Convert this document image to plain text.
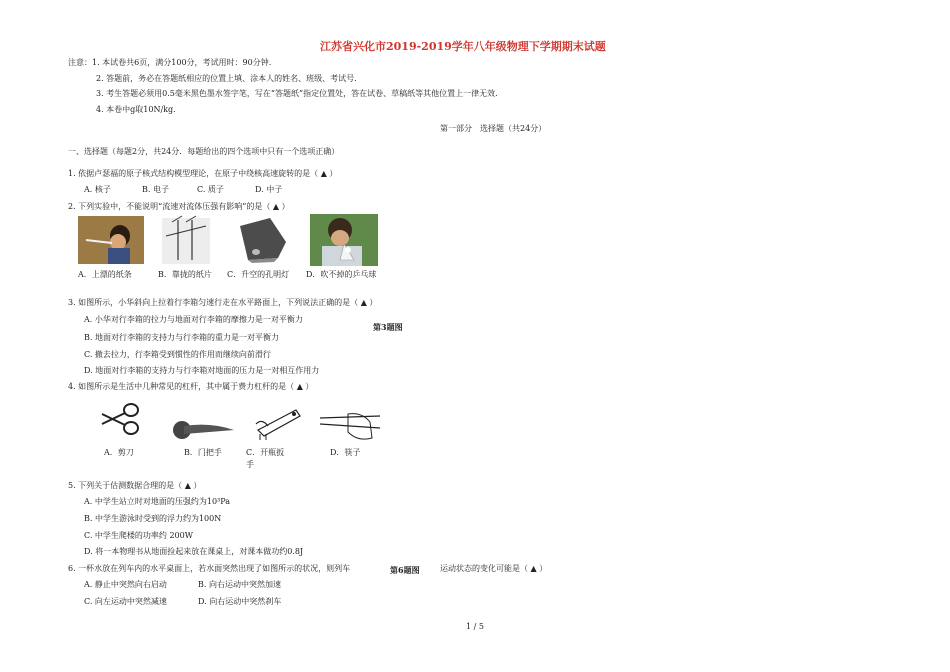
江苏省兴化市2019-2019学年八年级物理下学期期末试题
注意：1. 本试卷共6页，满分100分，考试用时：90分钟.
2. 答题前，务必在答题纸相应的位置上填、涂本人的姓名、班级、考试号.
3. 考生答题必须用0.5毫米黑色墨水签字笔，写在“答题纸”指定位置处，答在试卷、草稿纸等其他位置上一律无效.
4. 本卷中g取10N/kg.
第一部分　选择题（共24分）
一、选择题（每题2分，共24分．每题给出的四个选项中只有一个选项正确）
1. 依据卢瑟福的原子核式结构模型理论，在原子中绕核高速旋转的是（ ▲ ）
A. 核子	B. 电子	C. 质子	D. 中子
2. 下列实验中，不能说明“流速对流体压强有影响”的是（ ▲ ）
A．上漂的纸条	B．靠拢的纸片 C．升空的孔明灯 D．吹不掉的乒乓球
3. 如图所示，小华斜向上拉着行李箱匀速行走在水平路面上，下列说法正确的是（ ▲ ）
A. 小华对行李箱的拉力与地面对行李箱的摩擦力是一对平衡力
第3题图
B. 地面对行李箱的支持力与行李箱的重力是一对平衡力
C. 撤去拉力，行李箱受到惯性的作用而继续向前滑行
D. 地面对行李箱的支持力与行李箱对地面的压力是一对相互作用力
4. 如图所示是生活中几种常见的杠杆，其中属于费力杠杆的是（ ▲ ）
A．剪刀	B．门把手	C．开瓶扳
手
D．筷子
5. 下列关于估测数据合理的是（ ▲ ）
A. 中学生站立时对地面的压强约为10³Pa
B. 中学生游泳时受到的浮力约为100N
C. 中学生爬楼的功率约 200W
D. 将一本物理书从地面捡起来放在课桌上，对课本做功约0.8J
6. 一杯水放在列车内的水平桌面上，若水面突然出现了如图所示的状况，则列车	第6题图	运动状态的变化可能是（ ▲ ）
A. 静止中突然向右启动	B. 向右运动中突然加速
C. 向左运动中突然减速	D. 向右运动中突然刹车
1 / 5
